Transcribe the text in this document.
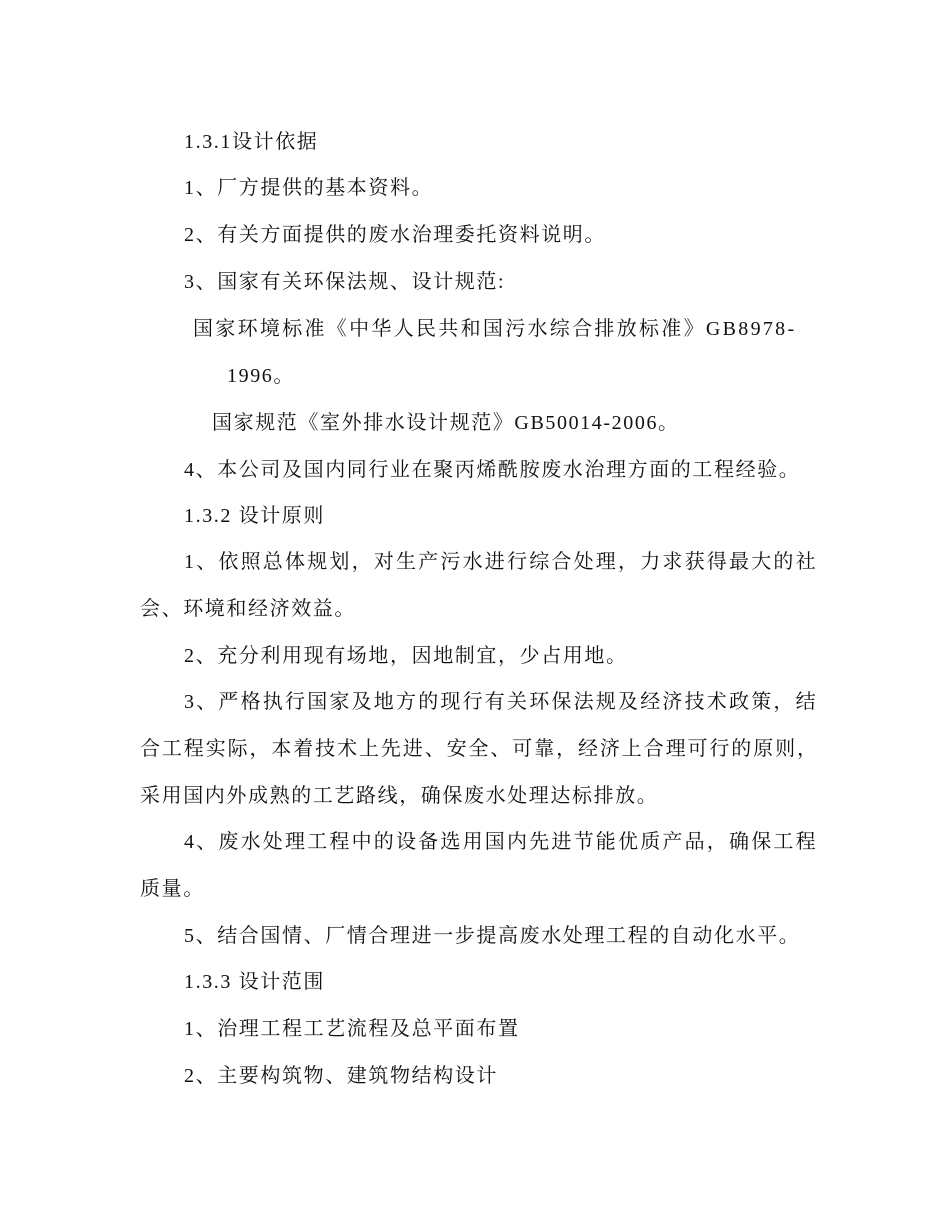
1.3.1设计依据
1、厂方提供的基本资料。
2、有关方面提供的废水治理委托资料说明。
3、国家有关环保法规、设计规范:
国家环境标准《中华人民共和国污水综合排放标准》GB8978-
1996。
国家规范《室外排水设计规范》GB50014-2006。
4、本公司及国内同行业在聚丙烯酰胺废水治理方面的工程经验。
1.3.2 设计原则
1、依照总体规划，对生产污水进行综合处理，力求获得最大的社
会、环境和经济效益。
2、充分利用现有场地，因地制宜，少占用地。
3、严格执行国家及地方的现行有关环保法规及经济技术政策，结
合工程实际，本着技术上先进、安全、可靠，经济上合理可行的原则，
采用国内外成熟的工艺路线，确保废水处理达标排放。
4、废水处理工程中的设备选用国内先进节能优质产品，确保工程
质量。
5、结合国情、厂情合理进一步提高废水处理工程的自动化水平。
1.3.3 设计范围
1、治理工程工艺流程及总平面布置
2、主要构筑物、建筑物结构设计
